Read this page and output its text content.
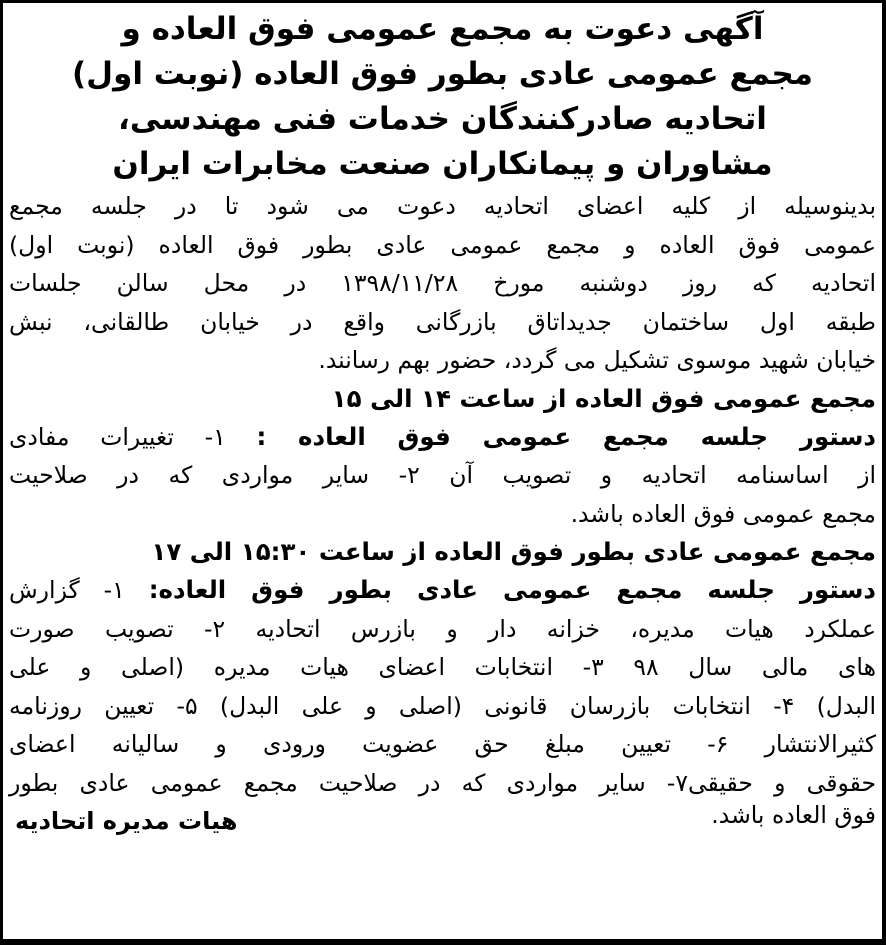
آگهی دعوت به مجمع عمومی فوق العاده و
مجمع عمومی عادی بطور فوق العاده (نوبت اول)
اتحادیه صادرکنندگان خدمات فنی مهندسی،
مشاوران و پیمانکاران صنعت مخابرات ایران
بدینوسیله از کلیه اعضای اتحادیه دعوت می شود تا در جلسه مجمع
عمومی فوق العاده و مجمع عمومی عادی بطور فوق العاده (نوبت اول)
اتحادیه که روز دوشنبه مورخ ۱۳۹۸/۱۱/۲۸ در محل سالن جلسات
طبقه اول ساختمان جدیداتاق بازرگانی واقع در خیابان طالقانی، نبش
خیابان شهید موسوی تشکیل می گردد، حضور بهم رسانند.
مجمع عمومی فوق العاده از ساعت ۱۴ الی ۱۵
دستور جلسه مجمع عمومی فوق العاده : ۱- تغییرات مفادی
از اساسنامه اتحادیه و تصویب آن ۲- سایر مواردی که در صلاحیت
مجمع عمومی فوق العاده باشد.
مجمع عمومی عادی بطور فوق العاده از ساعت ۱۵:۳۰ الی ۱۷
دستور جلسه مجمع عمومی عادی بطور فوق العاده: ۱- گزارش
عملکرد هیات مدیره، خزانه دار و بازرس اتحادیه ۲- تصویب صورت
های مالی سال ۹۸ ۳- انتخابات اعضای هیات مدیره (اصلی و علی
البدل) ۴- انتخابات بازرسان قانونی (اصلی و علی البدل) ۵- تعیین روزنامه
کثیرالانتشار ۶- تعیین مبلغ حق عضویت ورودی و سالیانه اعضای
حقوقی و حقیقی۷- سایر مواردی که در صلاحیت مجمع عمومی عادی بطور
فوق العاده باشد.
هیات مدیره اتحادیه
